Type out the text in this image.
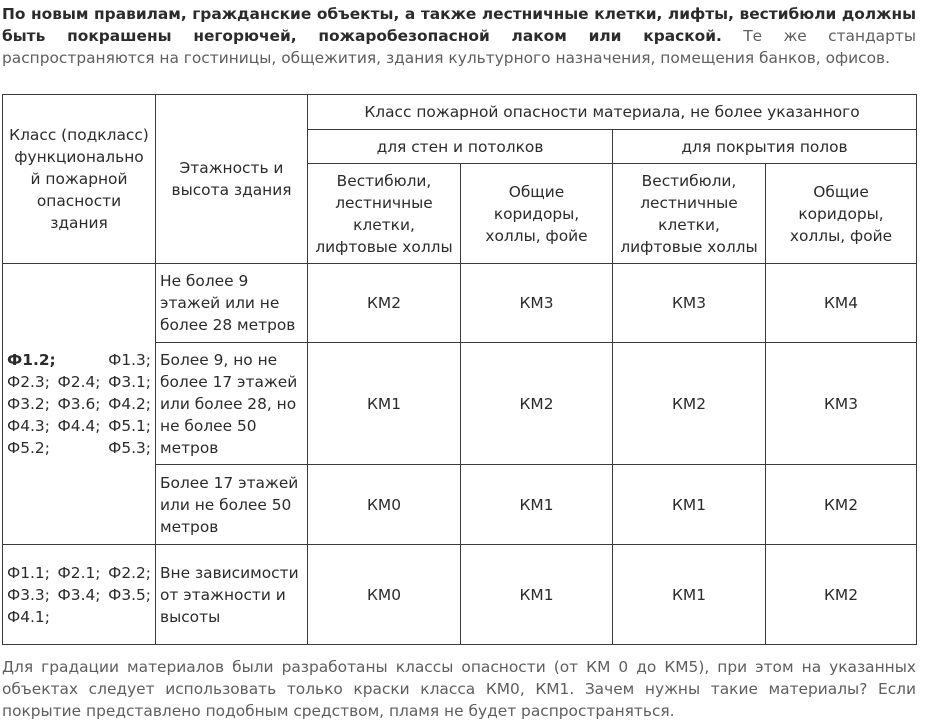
По новым правилам, гражданские объекты, а также лестничные клетки, лифты, вестибюли должны быть покрашены негорючей, пожаробезопасной лаком или краской. Те же стандарты распространяются на гостиницы, общежития, здания культурного назначения, помещения банков, офисов.
Класс (подкласс) функционально й пожарной опасности здания	Этажность и высота здания	Класс пожарной опасности материала, не более указанного			
		для стен и потолков		для покрытия полов	
		Вестибюли, лестничные клетки, лифтовые холлы	Общие коридоры, холлы, фойе	Вестибюли, лестничные клетки, лифтовые холлы	Общие коридоры, холлы, фойе
Ф1.2; Ф1.3; Ф2.3; Ф2.4; Ф3.1; Ф3.2; Ф3.6; Ф4.2; Ф4.3; Ф4.4; Ф5.1; Ф5.2; Ф5.3;	Не более 9 этажей или не более 28 метров	КМ2	КМ3	КМ3	КМ4
	Более 9, но не более 17 этажей или более 28, но не более 50 метров	КМ1	КМ2	КМ2	КМ3
	Более 17 этажей или не более 50 метров	КМ0	КМ1	КМ1	КМ2
Ф1.1; Ф2.1; Ф2.2; Ф3.3; Ф3.4; Ф3.5; Ф4.1;	Вне зависимости от этажности и высоты	КМ0	КМ1	КМ1	КМ2
Для градации материалов были разработаны классы опасности (от КМ 0 до КМ5), при этом на указанных объектах следует использовать только краски класса КМ0, КМ1. Зачем нужны такие материалы? Если покрытие представлено подобным средством, пламя не будет распространяться.
